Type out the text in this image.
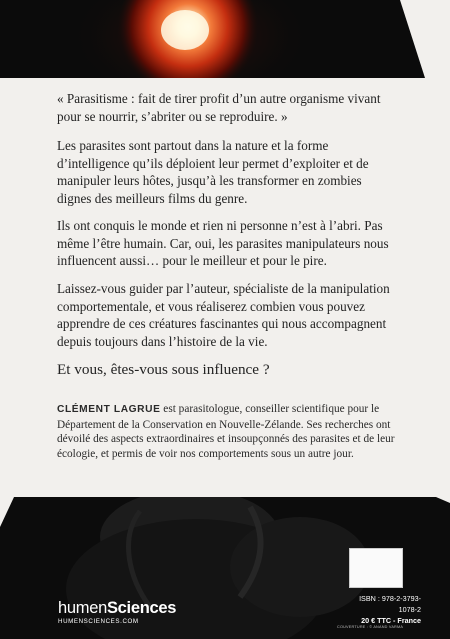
« Parasitisme : fait de tirer profit d’un autre organisme vivant pour se nourrir, s’abriter ou se reproduire. »

Les parasites sont partout dans la nature et la forme d’intelligence qu’ils déploient leur permet d’exploiter et de manipuler leurs hôtes, jusqu’à les transformer en zombies dignes des meilleurs films du genre.

Ils ont conquis le monde et rien ni personne n’est à l’abri. Pas même l’être humain. Car, oui, les parasites manipulateurs nous influencent aussi… pour le meilleur et pour le pire.

Laissez-vous guider par l’auteur, spécialiste de la manipulation comportementale, et vous réaliserez combien vous pouvez apprendre de ces créatures fascinantes qui nous accompagnent depuis toujours dans l’histoire de la vie.

Et vous, êtes-vous sous influence ?

CLÉMENT LAGRUE est parasitologue, conseiller scientifique pour le Département de la Conservation en Nouvelle-Zélande. Ses recherches ont dévoilé des aspects extraordinaires et insoupçonnés des parasites et de leur écologie, et permis de voir nos comportements sous un autre jour.
humenSciences
HUMENSCIENCES.COM
ISBN : 978-2-3793-1078-2
20 € TTC - France
COUVERTURE : © ANAND VARMA
